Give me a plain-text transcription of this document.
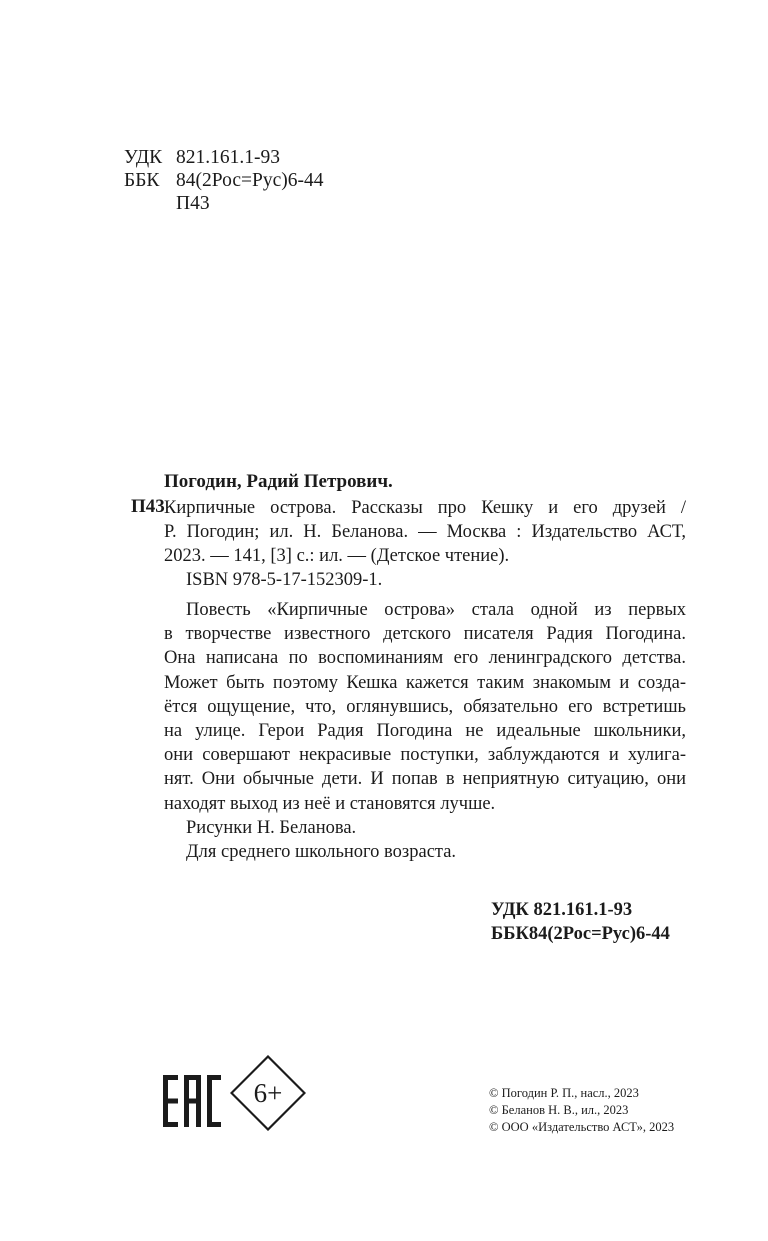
УДК 821.161.1-93
ББК 84(2Рос=Рус)6-44
П43
Погодин, Радий Петрович.
П43 Кирпичные острова. Рассказы про Кешку и его друзей /
Р. Погодин; ил. Н. Беланова. — Москва : Издательство АСТ,
2023. — 141, [3] с.: ил. — (Детское чтение).
ISBN 978-5-17-152309-1.
Повесть «Кирпичные острова» стала одной из первых
в творчестве известного детского писателя Радия Погодина.
Она написана по воспоминаниям его ленинградского детства.
Может быть поэтому Кешка кажется таким знакомым и созда-
ётся ощущение, что, оглянувшись, обязательно его встретишь
на улице. Герои Радия Погодина не идеальные школьники,
они совершают некрасивые поступки, заблуждаются и хулига-
нят. Они обычные дети. И попав в неприятную ситуацию, они
находят выход из неё и становятся лучше.
Рисунки Н. Беланова.
Для среднего школьного возраста.
УДК 821.161.1-93
ББК84(2Рос=Рус)6-44
6+	© Погодин Р. П., насл., 2023
© Беланов Н. В., ил., 2023
© ООО «Издательство АСТ», 2023
